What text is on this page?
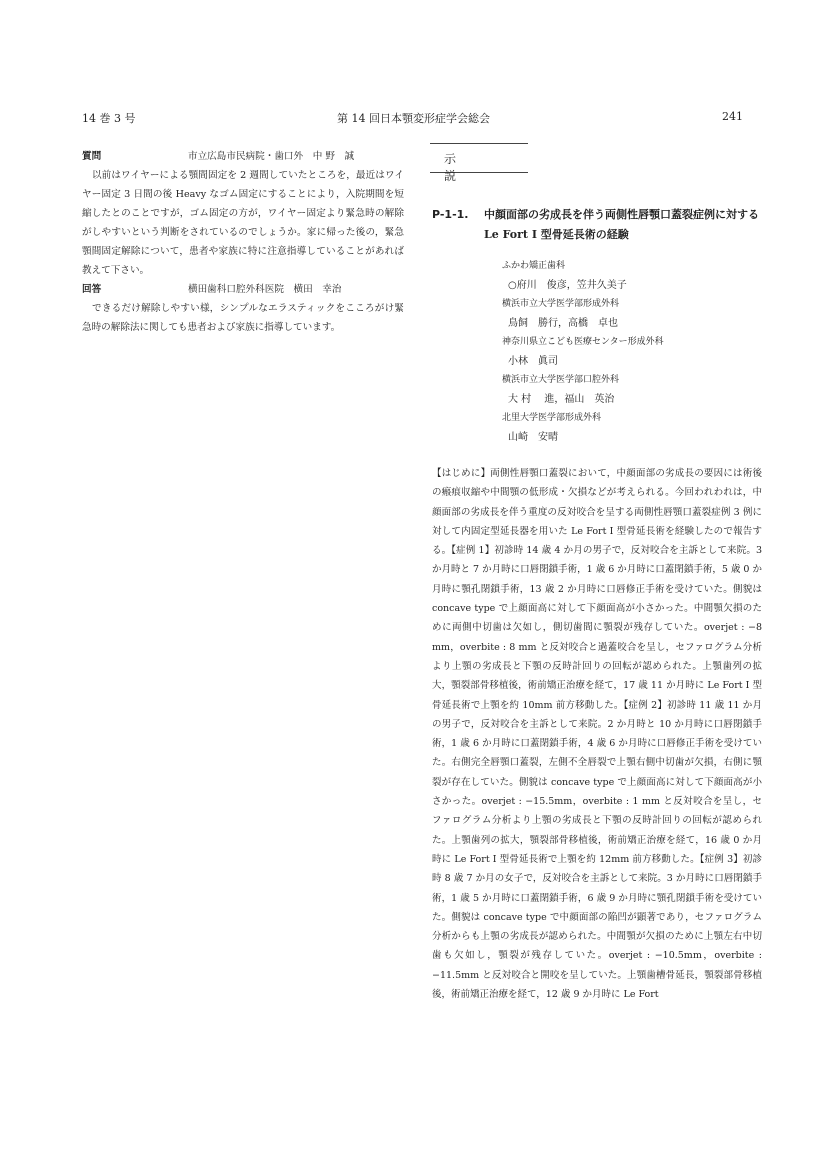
14 巻 3 号	第 14 回日本顎変形症学会総会	241
質問	市立広島市民病院・歯口外　中 野　誠

以前はワイヤーによる顎間固定を 2 週間していたところを，最近はワイヤー固定 3 日間の後 Heavy なゴム固定にすることにより，入院期間を短縮したとのことですが，ゴム固定の方が，ワイヤー固定より緊急時の解除がしやすいという判断をされているのでしょうか。家に帰った後の，緊急顎間固定解除について，患者や家族に特に注意指導していることがあれば教えて下さい。

回答	横田歯科口腔外科医院　横田　幸治

できるだけ解除しやすい様，シンプルなエラスティックをこころがけ緊急時の解除法に関しても患者および家族に指導しています。

示説
P-1-1.	中顔面部の劣成長を伴う両側性唇顎口蓋裂症例に対する Le Fort I 型骨延長術の経験
ふかわ矯正歯科
○府川　俊彦，笠井久美子
横浜市立大学医学部形成外科
鳥飼　勝行，高橋　卓也
神奈川県立こども医療センター形成外科
小林　眞司
横浜市立大学医学部口腔外科
大 村　 進，福山　英治
北里大学医学部形成外科
山崎　安晴
【はじめに】両側性唇顎口蓋裂において，中顔面部の劣成長の要因には術後の瘢痕収縮や中間顎の低形成・欠損などが考えられる。今回われわれは，中顔面部の劣成長を伴う重度の反対咬合を呈する両側性唇顎口蓋裂症例 3 例に対して内固定型延長器を用いた Le Fort I 型骨延長術を経験したので報告する。【症例 1】初診時 14 歳 4 か月の男子で，反対咬合を主訴として来院。3 か月時と 7 か月時に口唇閉鎖手術，1 歳 6 か月時に口蓋閉鎖手術，5 歳 0 か月時に顎孔閉鎖手術，13 歳 2 か月時に口唇修正手術を受けていた。側貌は concave type で上顔面高に対して下顔面高が小さかった。中間顎欠損のために両側中切歯は欠如し，側切歯間に顎裂が残存していた。overjet : −8 mm，overbite : 8 mm と反対咬合と過蓋咬合を呈し，セファログラム分析より上顎の劣成長と下顎の反時計回りの回転が認められた。上顎歯列の拡大，顎裂部骨移植後，術前矯正治療を経て，17 歳 11 か月時に Le Fort I 型骨延長術で上顎を約 10mm 前方移動した。【症例 2】初診時 11 歳 11 か月の男子で，反対咬合を主訴として来院。2 か月時と 10 か月時に口唇閉鎖手術，1 歳 6 か月時に口蓋閉鎖手術，4 歳 6 か月時に口唇修正手術を受けていた。右側完全唇顎口蓋裂，左側不全唇裂で上顎右側中切歯が欠損，右側に顎裂が存在していた。側貌は concave type で上顔面高に対して下顔面高が小さかった。overjet : −15.5mm，overbite : 1 mm と反対咬合を呈し，セファログラム分析より上顎の劣成長と下顎の反時計回りの回転が認められた。上顎歯列の拡大，顎裂部骨移植後，術前矯正治療を経て，16 歳 0 か月時に Le Fort I 型骨延長術で上顎を約 12mm 前方移動した。【症例 3】初診時 8 歳 7 か月の女子で，反対咬合を主訴として来院。3 か月時に口唇閉鎖手術，1 歳 5 か月時に口蓋閉鎖手術，6 歳 9 か月時に顎孔閉鎖手術を受けていた。側貌は concave type で中顔面部の陥凹が顕著であり，セファログラム分析からも上顎の劣成長が認められた。中間顎が欠損のために上顎左右中切歯も欠如し，顎裂が残存していた。overjet : −10.5mm，overbite : −11.5mm と反対咬合と開咬を呈していた。上顎歯槽骨延長，顎裂部骨移植後，術前矯正治療を経て，12 歳 9 か月時に Le Fort
